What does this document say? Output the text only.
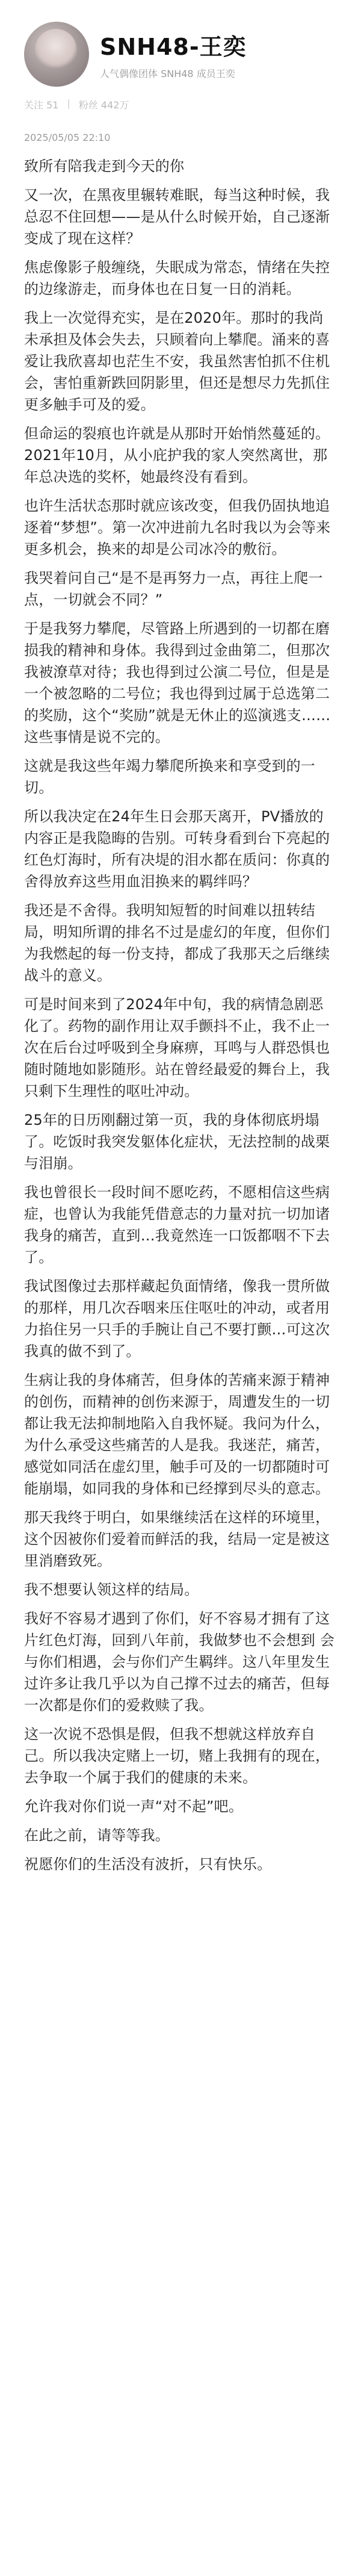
SNH48-王奕
人气偶像团体 SNH48 成员王奕
关注 51 | 粉丝 442万
2025/05/05 22:10

致所有陪我走到今天的你

又一次，在黑夜里辗转难眠，每当这种时候，我总忍不住回想——是从什么时候开始，自己逐渐变成了现在这样？

焦虑像影子般缠绕，失眠成为常态，情绪在失控的边缘游走，而身体也在日复一日的消耗。

我上一次觉得充实，是在2020年。那时的我尚未承担及体会失去，只顾着向上攀爬。涌来的喜爱让我欣喜却也茫生不安，我虽然害怕抓不住机会，害怕重新跌回阴影里，但还是想尽力先抓住更多触手可及的爱。

但命运的裂痕也许就是从那时开始悄然蔓延的。2021年10月，从小庇护我的家人突然离世，那年总决选的奖杯，她最终没有看到。

也许生活状态那时就应该改变，但我仍固执地追逐着“梦想”。第一次冲进前九名时我以为会等来更多机会，换来的却是公司冰冷的敷衍。

我哭着问自己“是不是再努力一点，再往上爬一点，一切就会不同？”

于是我努力攀爬，尽管路上所遇到的一切都在磨损我的精神和身体。我得到过金曲第二，但那次我被潦草对待；我也得到过公演二号位，但是是一个被忽略的二号位；我也得到过属于总选第二的奖励，这个“奖励”就是无休止的巡演逃支……这些事情是说不完的。

这就是我这些年竭力攀爬所换来和享受到的一切。

所以我决定在24年生日会那天离开，PV播放的内容正是我隐晦的告别。可转身看到台下亮起的红色灯海时，所有决堤的泪水都在质问：你真的舍得放弃这些用血泪换来的羁绊吗？

我还是不舍得。我明知短暂的时间难以扭转结局，明知所谓的排名不过是虚幻的年度，但你们为我燃起的每一份支持，都成了我那天之后继续战斗的意义。

可是时间来到了2024年中旬，我的病情急剧恶化了。药物的副作用让双手颤抖不止，我不止一次在后台过呼吸到全身麻痹，耳鸣与人群恐惧也随时随地如影随形。站在曾经最爱的舞台上，我只剩下生理性的呕吐冲动。

25年的日历刚翻过第一页，我的身体彻底坍塌了。吃饭时我突发躯体化症状，无法控制的战栗与泪崩。

我也曾很长一段时间不愿吃药，不愿相信这些病症，也曾认为我能凭借意志的力量对抗一切加诸我身的痛苦，直到…我竟然连一口饭都咽不下去了。

我试图像过去那样藏起负面情绪，像我一贯所做的那样，用几次吞咽来压住呕吐的冲动，或者用力掐住另一只手的手腕让自己不要打颤…可这次我真的做不到了。

生病让我的身体痛苦，但身体的苦痛来源于精神的创伤，而精神的创伤来源于，周遭发生的一切都让我无法抑制地陷入自我怀疑。我问为什么，为什么承受这些痛苦的人是我。我迷茫，痛苦，感觉如同活在虚幻里，触手可及的一切都随时可能崩塌，如同我的身体和已经撑到尽头的意志。

那天我终于明白，如果继续活在这样的环境里，这个因被你们爱着而鲜活的我，结局一定是被这里消磨致死。

我不想要认领这样的结局。

我好不容易才遇到了你们，好不容易才拥有了这片红色灯海，回到八年前，我做梦也不会想到 会与你们相遇，会与你们产生羁绊。这八年里发生过许多让我几乎以为自己撑不过去的痛苦，但每一次都是你们的爱救赎了我。

这一次说不恐惧是假，但我不想就这样放弃自己。所以我决定赌上一切，赌上我拥有的现在，去争取一个属于我们的健康的未来。

允许我对你们说一声“对不起”吧。

在此之前，请等等我。

祝愿你们的生活没有波折，只有快乐。
